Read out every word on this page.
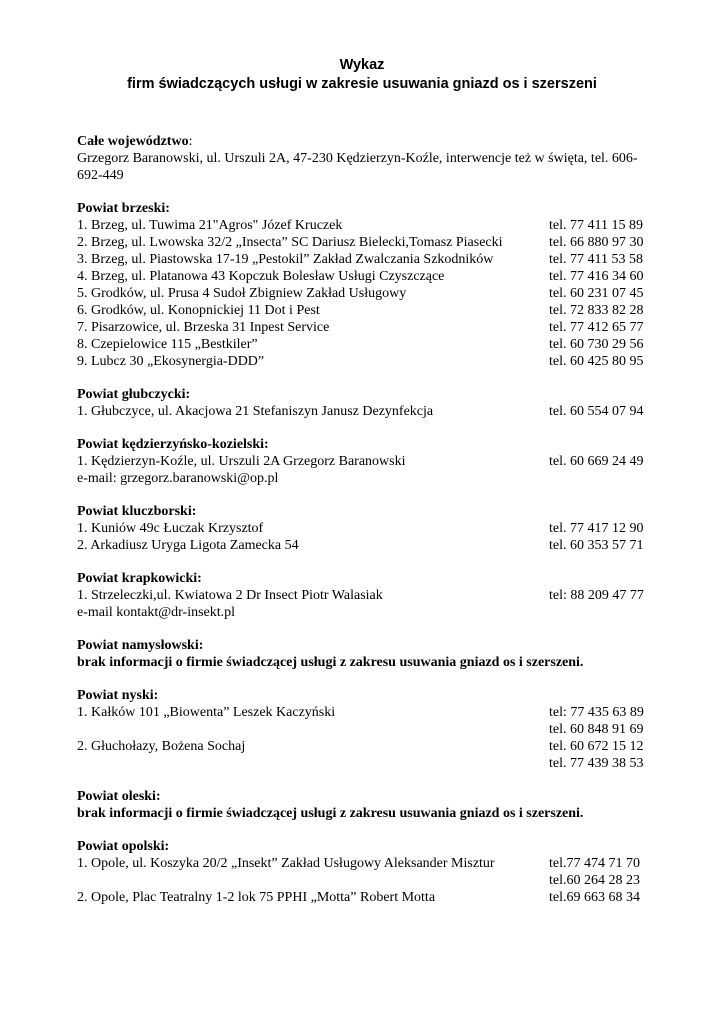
Wykaz
firm świadczących usługi w zakresie usuwania gniazd os i szerszeni
Całe województwo:
Grzegorz Baranowski, ul. Urszuli 2A, 47-230 Kędzierzyn-Koźle, interwencje też w święta, tel. 606-692-449
Powiat brzeski:
1. Brzeg, ul. Tuwima 21"Agros" Józef Kruczek	tel. 77 411 15 89
2. Brzeg, ul. Lwowska 32/2 „Insecta” SC Dariusz Bielecki,Tomasz Piasecki	tel. 66 880 97 30
3. Brzeg, ul. Piastowska 17-19 „Pestokil” Zakład Zwalczania Szkodników	tel. 77 411 53 58
4. Brzeg, ul. Platanowa 43 Kopczuk Bolesław Usługi Czyszczące	tel. 77 416 34 60
5. Grodków, ul. Prusa 4 Sudoł Zbigniew Zakład Usługowy	tel. 60 231 07 45
6. Grodków, ul. Konopnickiej 11 Dot i Pest	tel. 72 833 82 28
7. Pisarzowice, ul. Brzeska 31 Inpest Service	tel. 77 412 65 77
8. Czepielowice 115 „Bestkiler”	tel. 60 730 29 56
9. Lubcz 30 „Ekosynergia-DDD”	tel. 60 425 80 95
Powiat głubczycki:
1. Głubczyce, ul. Akacjowa 21 Stefaniszyn Janusz Dezynfekcja	tel. 60 554 07 94
Powiat kędzierzyńsko-kozielski:
1. Kędzierzyn-Koźle, ul. Urszuli 2A Grzegorz Baranowski	tel. 60 669 24 49
e-mail: grzegorz.baranowski@op.pl
Powiat kluczborski:
1. Kuniów 49c Łuczak Krzysztof	tel. 77 417 12 90
2. Arkadiusz Uryga Ligota Zamecka 54	tel. 60 353 57 71
Powiat krapkowicki:
1. Strzeleczki,ul. Kwiatowa 2 Dr Insect Piotr Walasiak	tel: 88 209 47 77
e-mail kontakt@dr-insekt.pl
Powiat namysłowski:
brak informacji o firmie świadczącej usługi z zakresu usuwania gniazd os i szerszeni.
Powiat nyski:
1. Kałków 101 „Biowenta” Leszek Kaczyński	tel: 77 435 63 89
tel. 60 848 91 69
2. Głuchołazy, Bożena Sochaj	tel. 60 672 15 12
tel. 77 439 38 53
Powiat oleski:
brak informacji o firmie świadczącej usługi z zakresu usuwania gniazd os i szerszeni.
Powiat opolski:
1. Opole, ul. Koszyka 20/2 „Insekt” Zakład Usługowy Aleksander Misztur	tel.77 474 71 70
tel.60 264 28 23
2. Opole, Plac Teatralny 1-2 lok 75 PPHI „Motta” Robert Motta	tel.69 663 68 34
